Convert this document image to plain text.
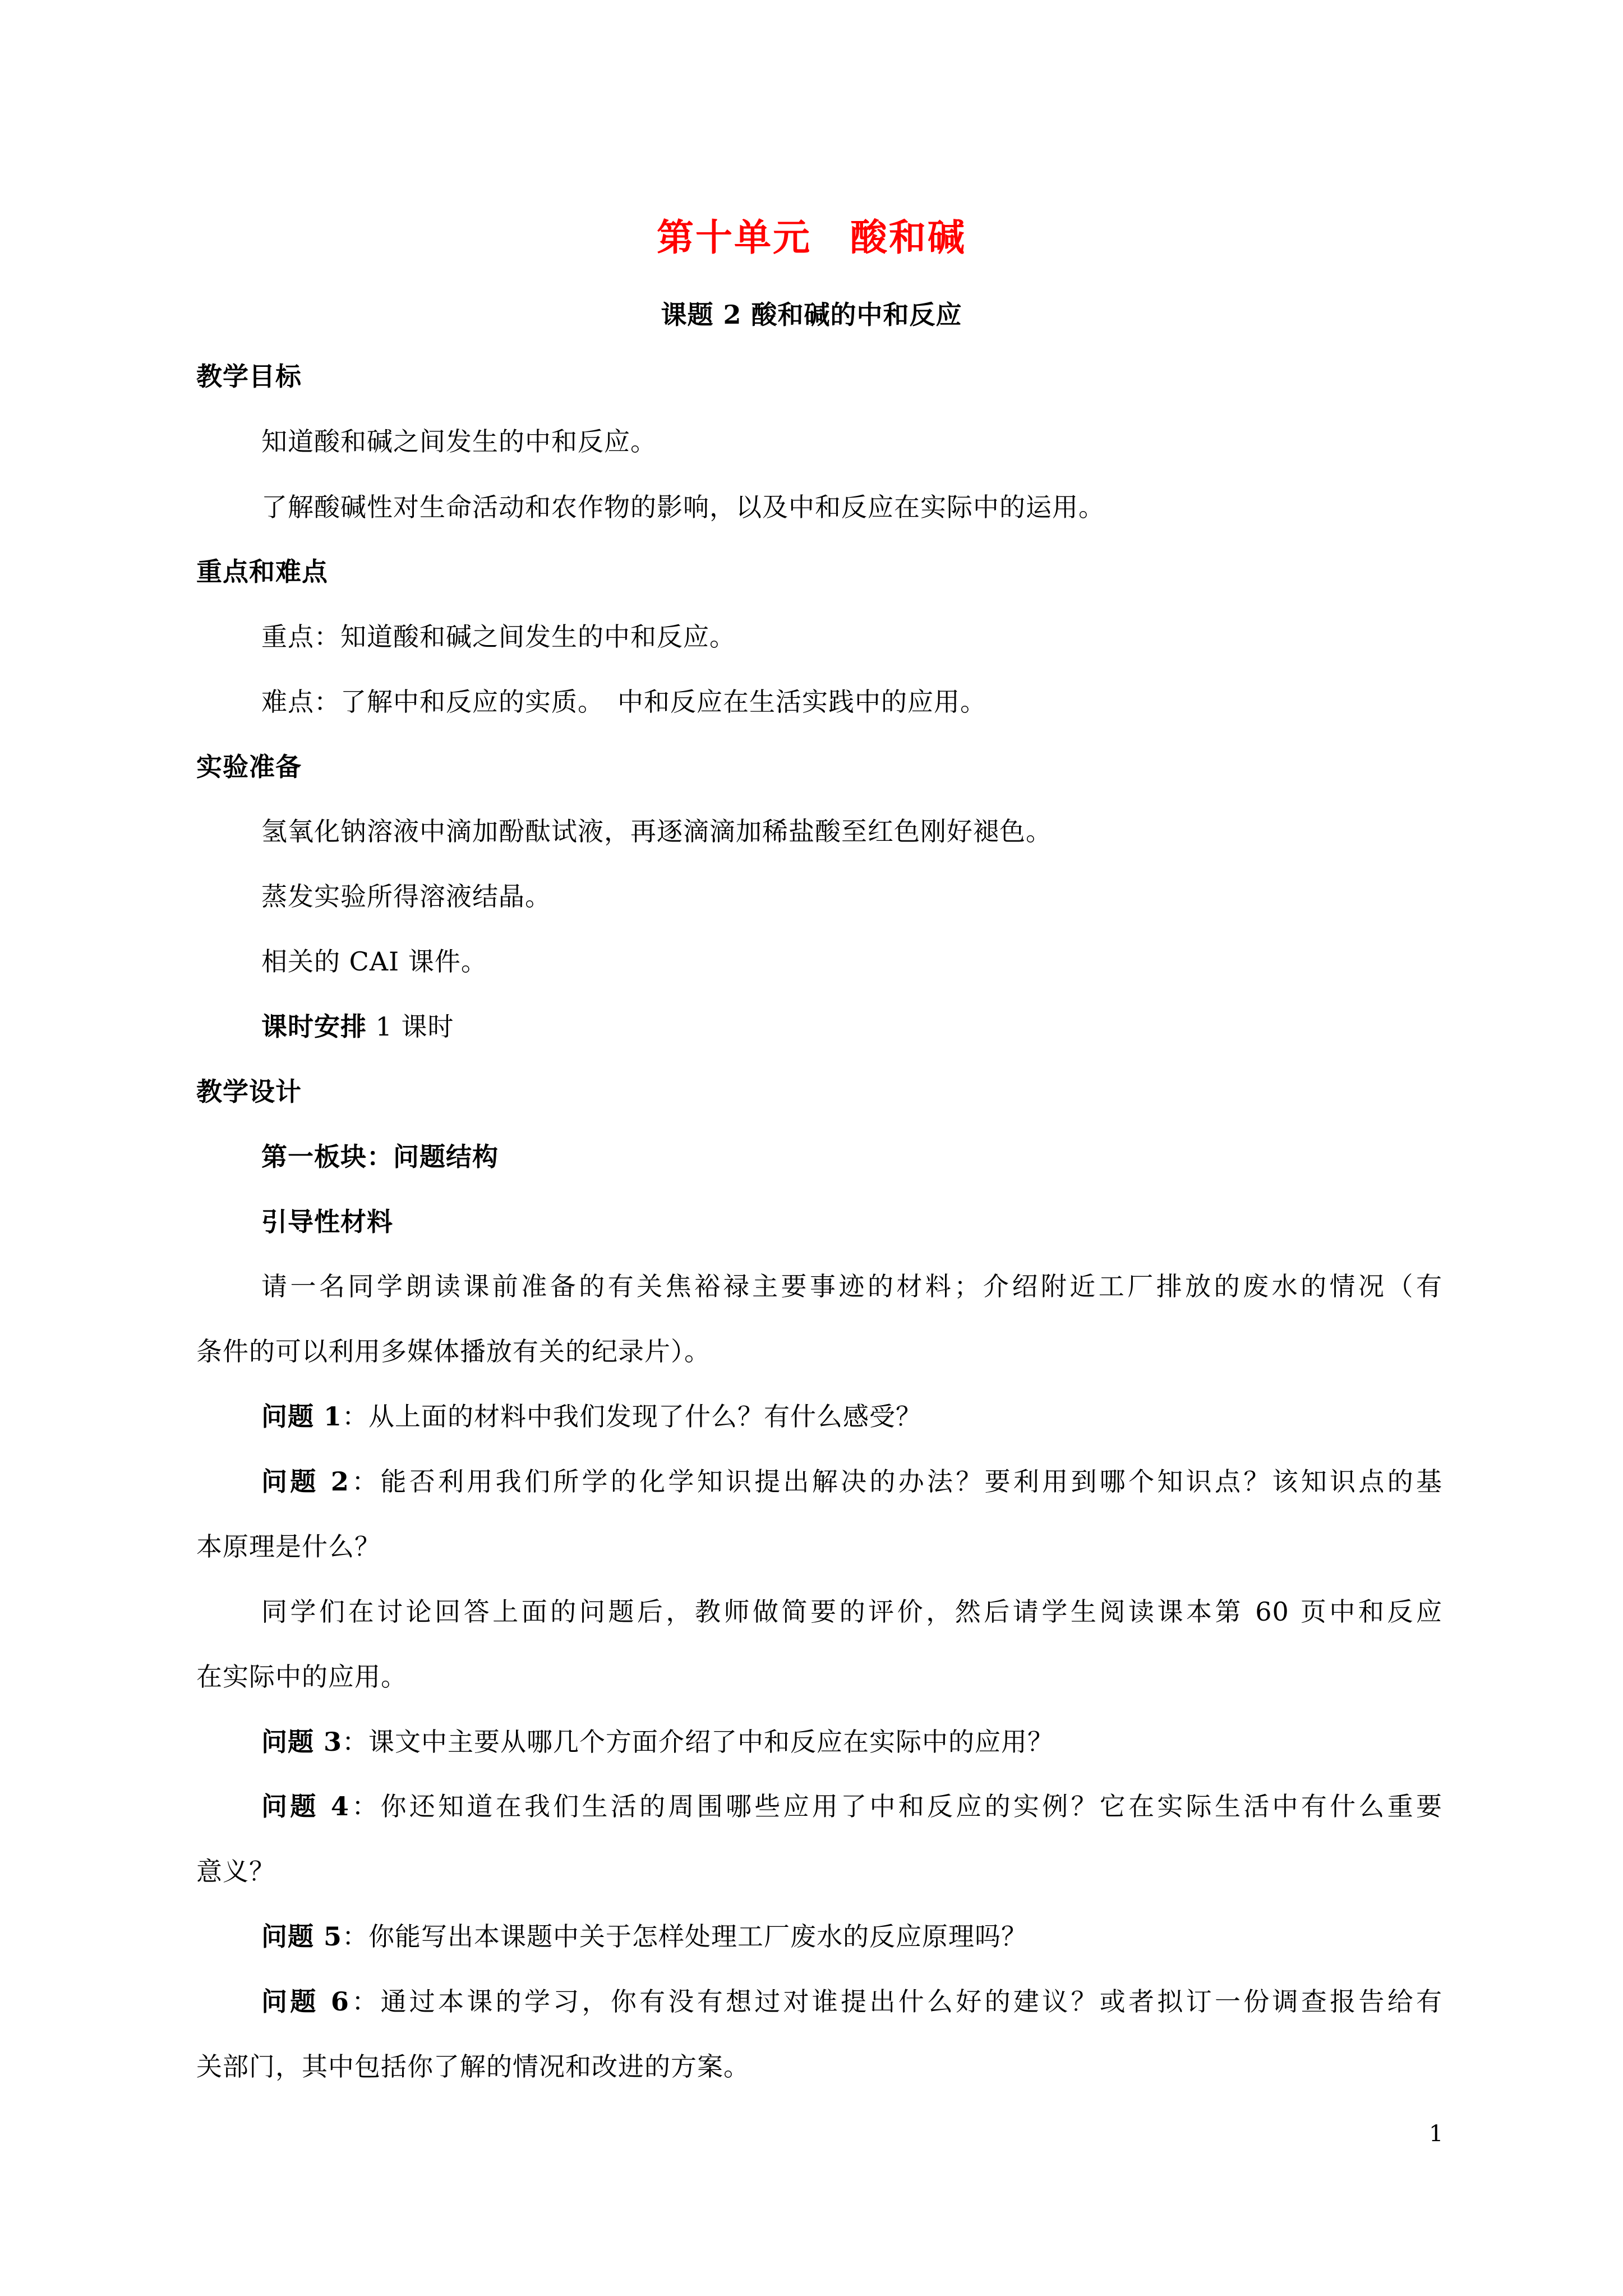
第十单元　酸和碱
课题 2 酸和碱的中和反应
教学目标
知道酸和碱之间发生的中和反应。
了解酸碱性对生命活动和农作物的影响，以及中和反应在实际中的运用。
重点和难点
重点：知道酸和碱之间发生的中和反应。
难点：了解中和反应的实质。　中和反应在生活实践中的应用。
实验准备
氢氧化钠溶液中滴加酚酞试液，再逐滴滴加稀盐酸至红色刚好褪色。
蒸发实验所得溶液结晶。
相关的 CAI 课件。
课时安排 1 课时
教学设计
第一板块：问题结构
引导性材料
请一名同学朗读课前准备的有关焦裕禄主要事迹的材料；介绍附近工厂排放的废水的情况（有
条件的可以利用多媒体播放有关的纪录片）。
问题 1：从上面的材料中我们发现了什么？有什么感受？
问题 2：能否利用我们所学的化学知识提出解决的办法？要利用到哪个知识点？该知识点的基
本原理是什么？
同学们在讨论回答上面的问题后，教师做简要的评价，然后请学生阅读课本第 60 页中和反应
在实际中的应用。
问题 3：课文中主要从哪几个方面介绍了中和反应在实际中的应用？
问题 4：你还知道在我们生活的周围哪些应用了中和反应的实例？它在实际生活中有什么重要
意义？
问题 5：你能写出本课题中关于怎样处理工厂废水的反应原理吗？
问题 6：通过本课的学习，你有没有想过对谁提出什么好的建议？或者拟订一份调查报告给有
关部门，其中包括你了解的情况和改进的方案。
1
